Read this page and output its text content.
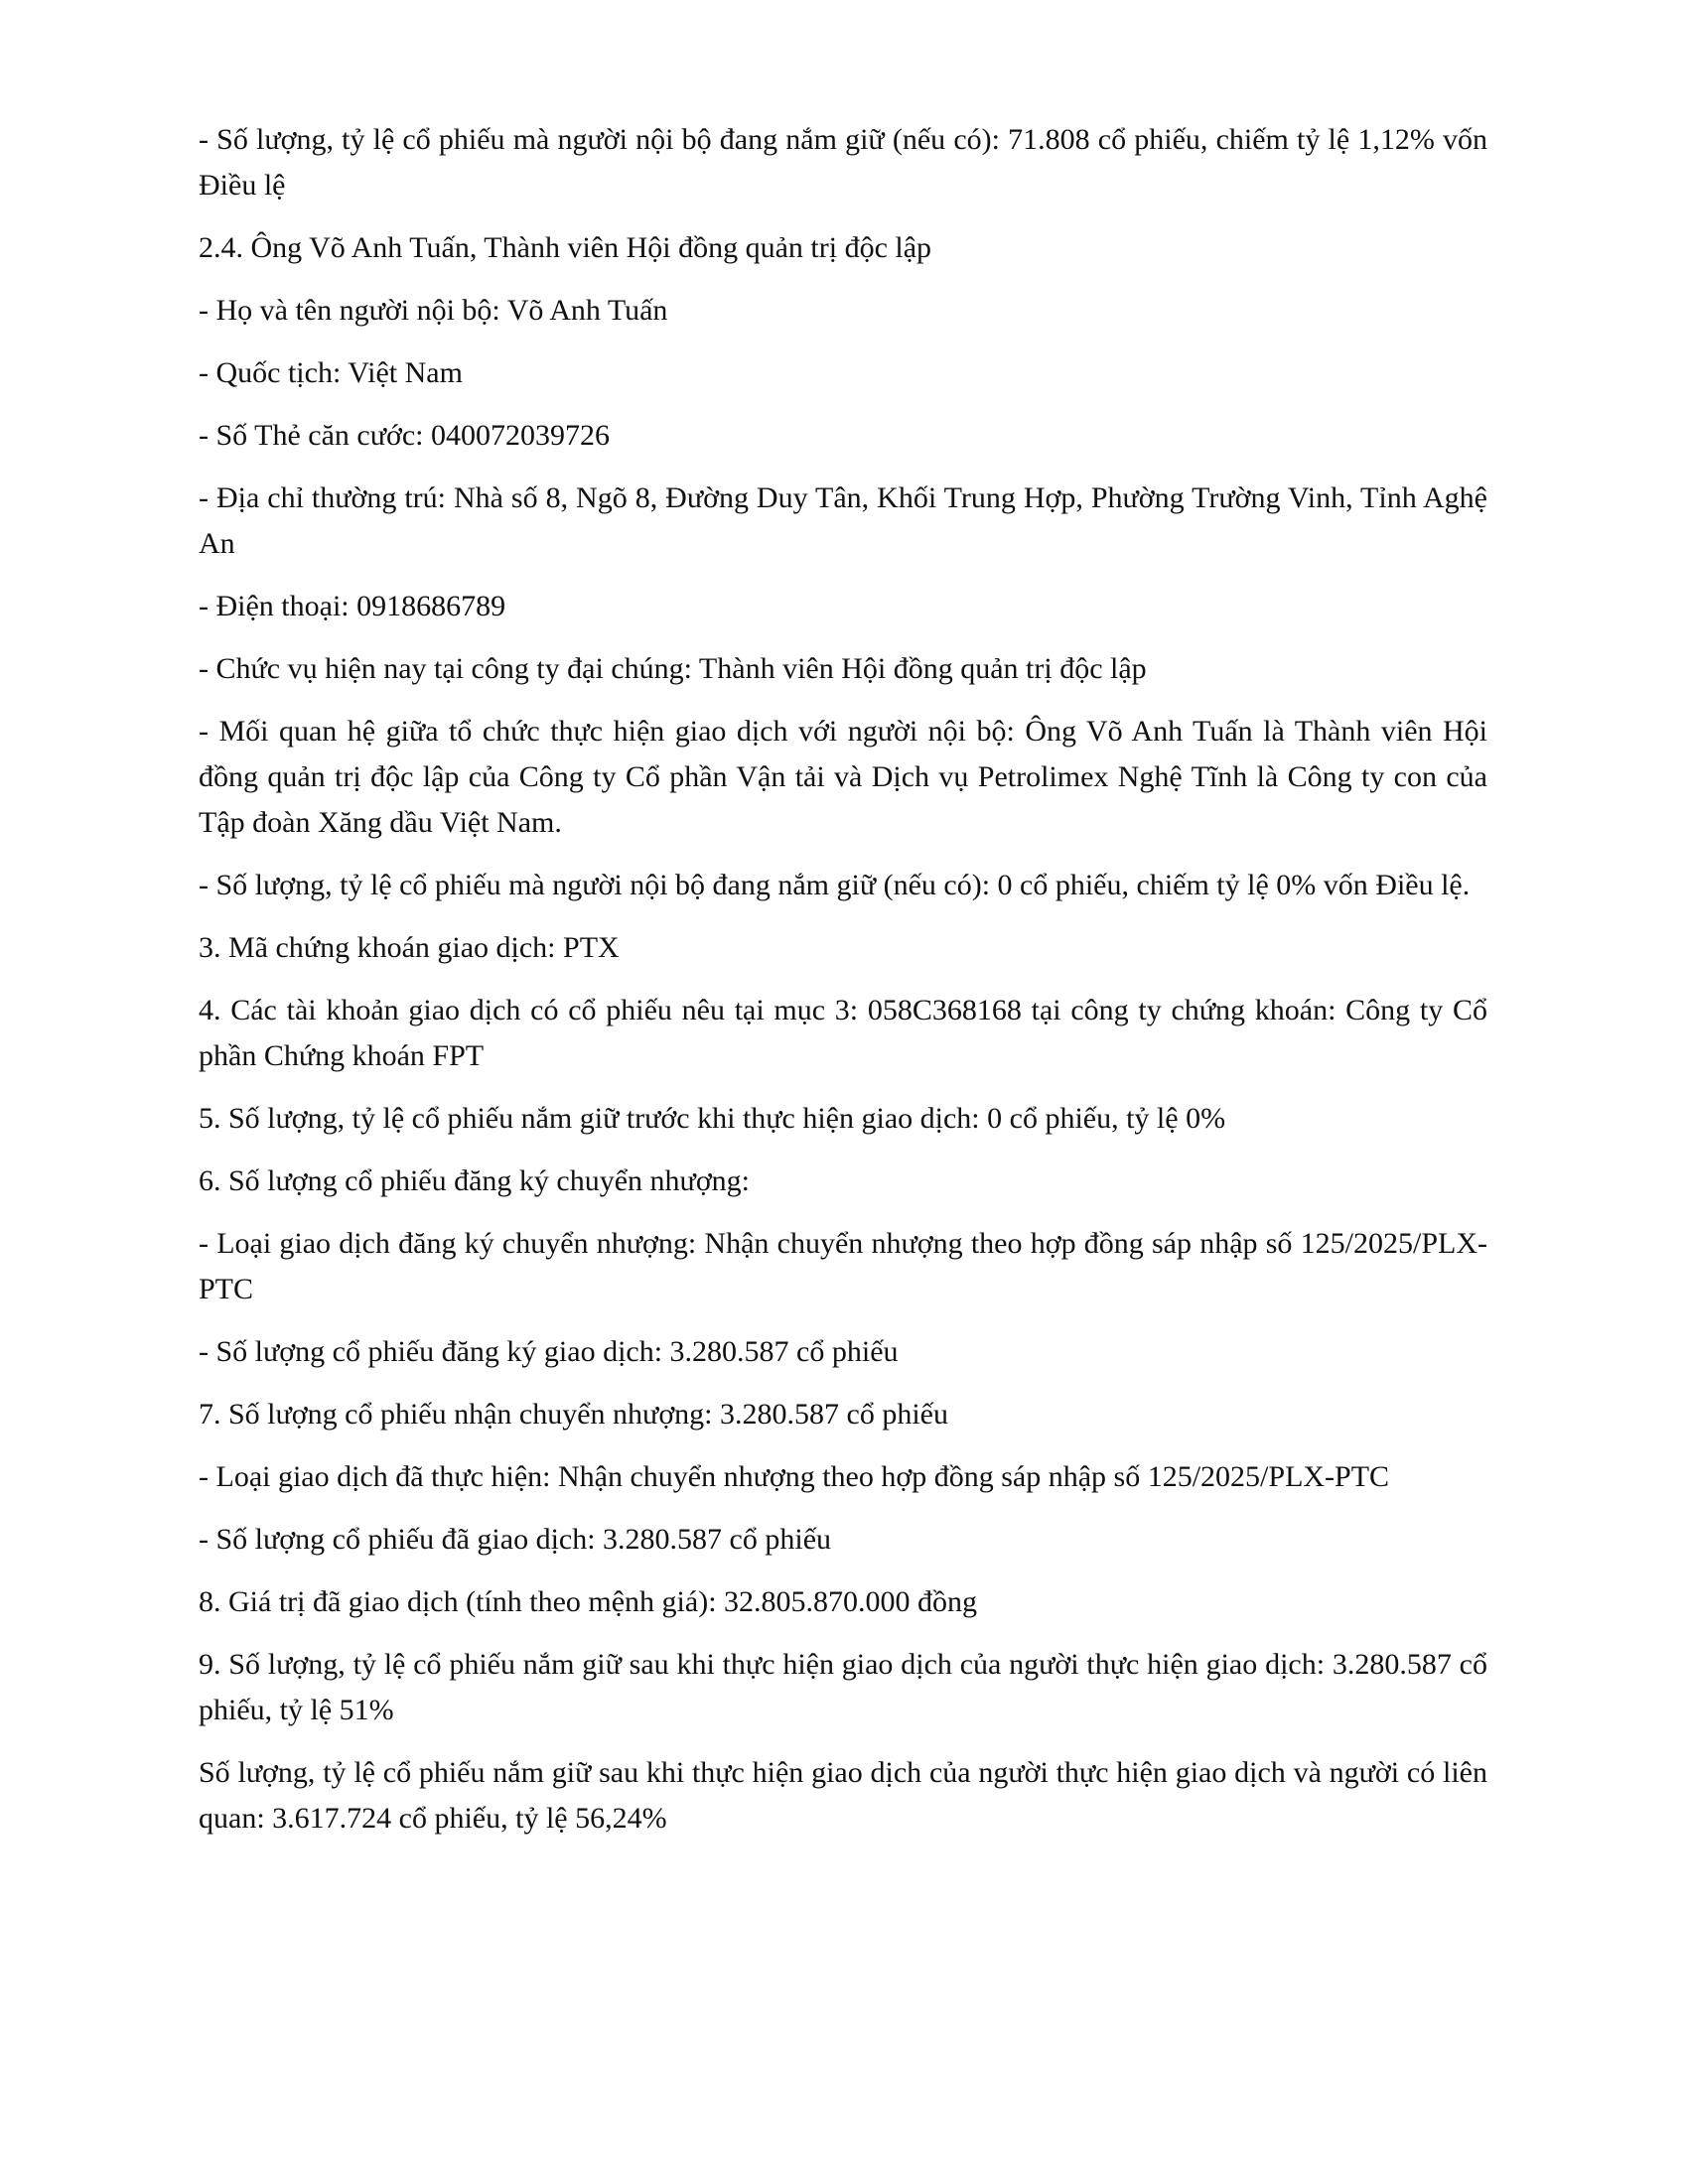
- Số lượng, tỷ lệ cổ phiếu mà người nội bộ đang nắm giữ (nếu có): 71.808 cổ phiếu, chiếm tỷ lệ 1,12% vốn Điều lệ

2.4. Ông Võ Anh Tuấn, Thành viên Hội đồng quản trị độc lập

- Họ và tên người nội bộ: Võ Anh Tuấn

- Quốc tịch: Việt Nam

- Số Thẻ căn cước: 040072039726

- Địa chỉ thường trú: Nhà số 8, Ngõ 8, Đường Duy Tân, Khối Trung Hợp, Phường Trường Vinh, Tỉnh Aghệ An

- Điện thoại: 0918686789

- Chức vụ hiện nay tại công ty đại chúng: Thành viên Hội đồng quản trị độc lập

- Mối quan hệ giữa tổ chức thực hiện giao dịch với người nội bộ: Ông Võ Anh Tuấn là Thành viên Hội đồng quản trị độc lập của Công ty Cổ phần Vận tải và Dịch vụ Petrolimex Nghệ Tĩnh là Công ty con của Tập đoàn Xăng dầu Việt Nam.

- Số lượng, tỷ lệ cổ phiếu mà người nội bộ đang nắm giữ (nếu có): 0 cổ phiếu, chiếm tỷ lệ 0% vốn Điều lệ.

3. Mã chứng khoán giao dịch: PTX

4. Các tài khoản giao dịch có cổ phiếu nêu tại mục 3: 058C368168 tại công ty chứng khoán: Công ty Cổ phần Chứng khoán FPT

5. Số lượng, tỷ lệ cổ phiếu nắm giữ trước khi thực hiện giao dịch: 0 cổ phiếu, tỷ lệ 0%

6. Số lượng cổ phiếu đăng ký chuyển nhượng:

- Loại giao dịch đăng ký chuyển nhượng: Nhận chuyển nhượng theo hợp đồng sáp nhập số 125/2025/PLX-PTC

- Số lượng cổ phiếu đăng ký giao dịch: 3.280.587 cổ phiếu

7. Số lượng cổ phiếu nhận chuyển nhượng: 3.280.587 cổ phiếu

- Loại giao dịch đã thực hiện: Nhận chuyển nhượng theo hợp đồng sáp nhập số 125/2025/PLX-PTC

- Số lượng cổ phiếu đã giao dịch: 3.280.587 cổ phiếu

8. Giá trị đã giao dịch (tính theo mệnh giá): 32.805.870.000 đồng

9. Số lượng, tỷ lệ cổ phiếu nắm giữ sau khi thực hiện giao dịch của người thực hiện giao dịch: 3.280.587 cổ phiếu, tỷ lệ 51%

Số lượng, tỷ lệ cổ phiếu nắm giữ sau khi thực hiện giao dịch của người thực hiện giao dịch và người có liên quan: 3.617.724 cổ phiếu, tỷ lệ 56,24%
